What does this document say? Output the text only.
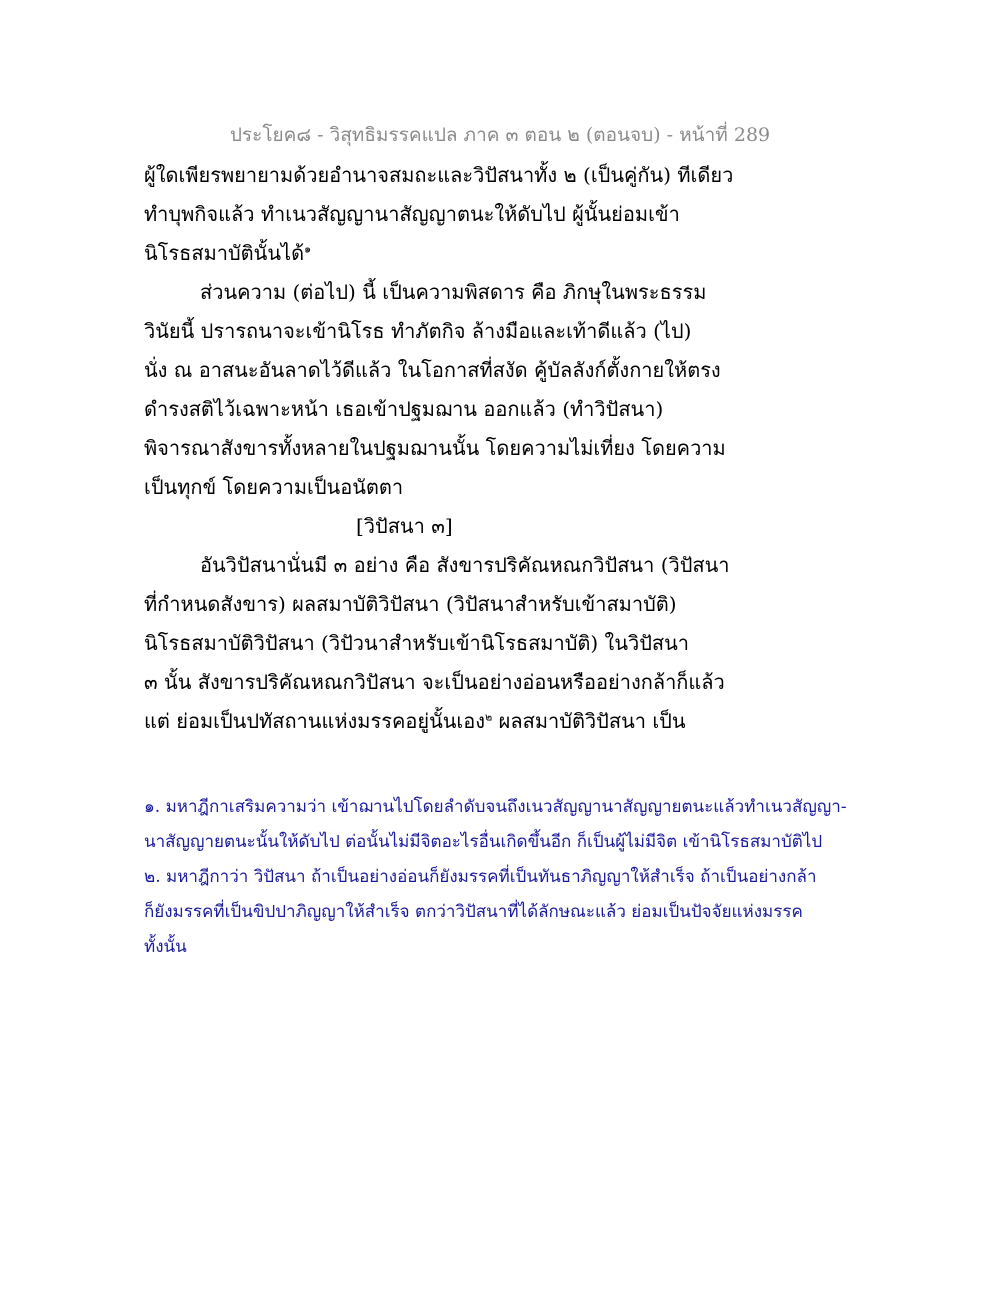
ประโยค๘ - วิสุทธิมรรคแปล ภาค ๓ ตอน ๒ (ตอนจบ) - หน้าที่ 289
ผู้ใดเพียรพยายามด้วยอำนาจสมถะและวิปัสนาทั้ง ๒ (เป็นคู่กัน) ทีเดียว
ทำบุพกิจแล้ว ทำเนวสัญญานาสัญญาตนะให้ดับไป ผู้นั้นย่อมเข้า
นิโรธสมาบัตินั้นได้$^๑$
ส่วนความ (ต่อไป) นี้ เป็นความพิสดาร คือ ภิกษุในพระธรรม
วินัยนี้ ปรารถนาจะเข้านิโรธ ทำภัตกิจ ล้างมือและเท้าดีแล้ว (ไป)
นั่ง ณ อาสนะอันลาดไว้ดีแล้ว ในโอกาสที่สงัด คู้บัลลังก์ตั้งกายให้ตรง
ดำรงสติไว้เฉพาะหน้า เธอเข้าปฐมฌาน ออกแล้ว (ทำวิปัสนา)
พิจารณาสังขารทั้งหลายในปฐมฌานนั้น โดยความไม่เที่ยง โดยความ
เป็นทุกข์ โดยความเป็นอนัตตา
[วิปัสนา ๓]
อันวิปัสนานั่นมี ๓ อย่าง คือ สังขารปริคัณหณกวิปัสนา (วิปัสนา
ที่กำหนดสังขาร) ผลสมาบัติวิปัสนา (วิปัสนาสำหรับเข้าสมาบัติ)
นิโรธสมาบัติวิปัสนา (วิปัวนาสำหรับเข้านิโรธสมาบัติ) ในวิปัสนา
๓ นั้น สังขารปริคัณหณกวิปัสนา จะเป็นอย่างอ่อนหรืออย่างกล้าก็แล้ว
แต่ ย่อมเป็นปทัสถานแห่งมรรคอยู่นั้นเอง$^๒$ ผลสมาบัติวิปัสนา เป็น
๑. มหาฎีกาเสริมความว่า เข้าฌานไปโดยลำดับจนถึงเนวสัญญานาสัญญายตนะแล้วทำเนวสัญญา-
นาสัญญายตนะนั้นให้ดับไป ต่อนั้นไม่มีจิตอะไรอื่นเกิดขึ้นอีก ก็เป็นผู้ไม่มีจิต เข้านิโรธสมาบัติไป
๒. มหาฎีกาว่า วิปัสนา ถ้าเป็นอย่างอ่อนก็ยังมรรคที่เป็นทันธาภิญญาให้สำเร็จ ถ้าเป็นอย่างกล้า
ก็ยังมรรคที่เป็นขิปปาภิญญาให้สำเร็จ ตกว่าวิปัสนาที่ได้ลักษณะแล้ว ย่อมเป็นปัจจัยแห่งมรรค
ทั้งนั้น
